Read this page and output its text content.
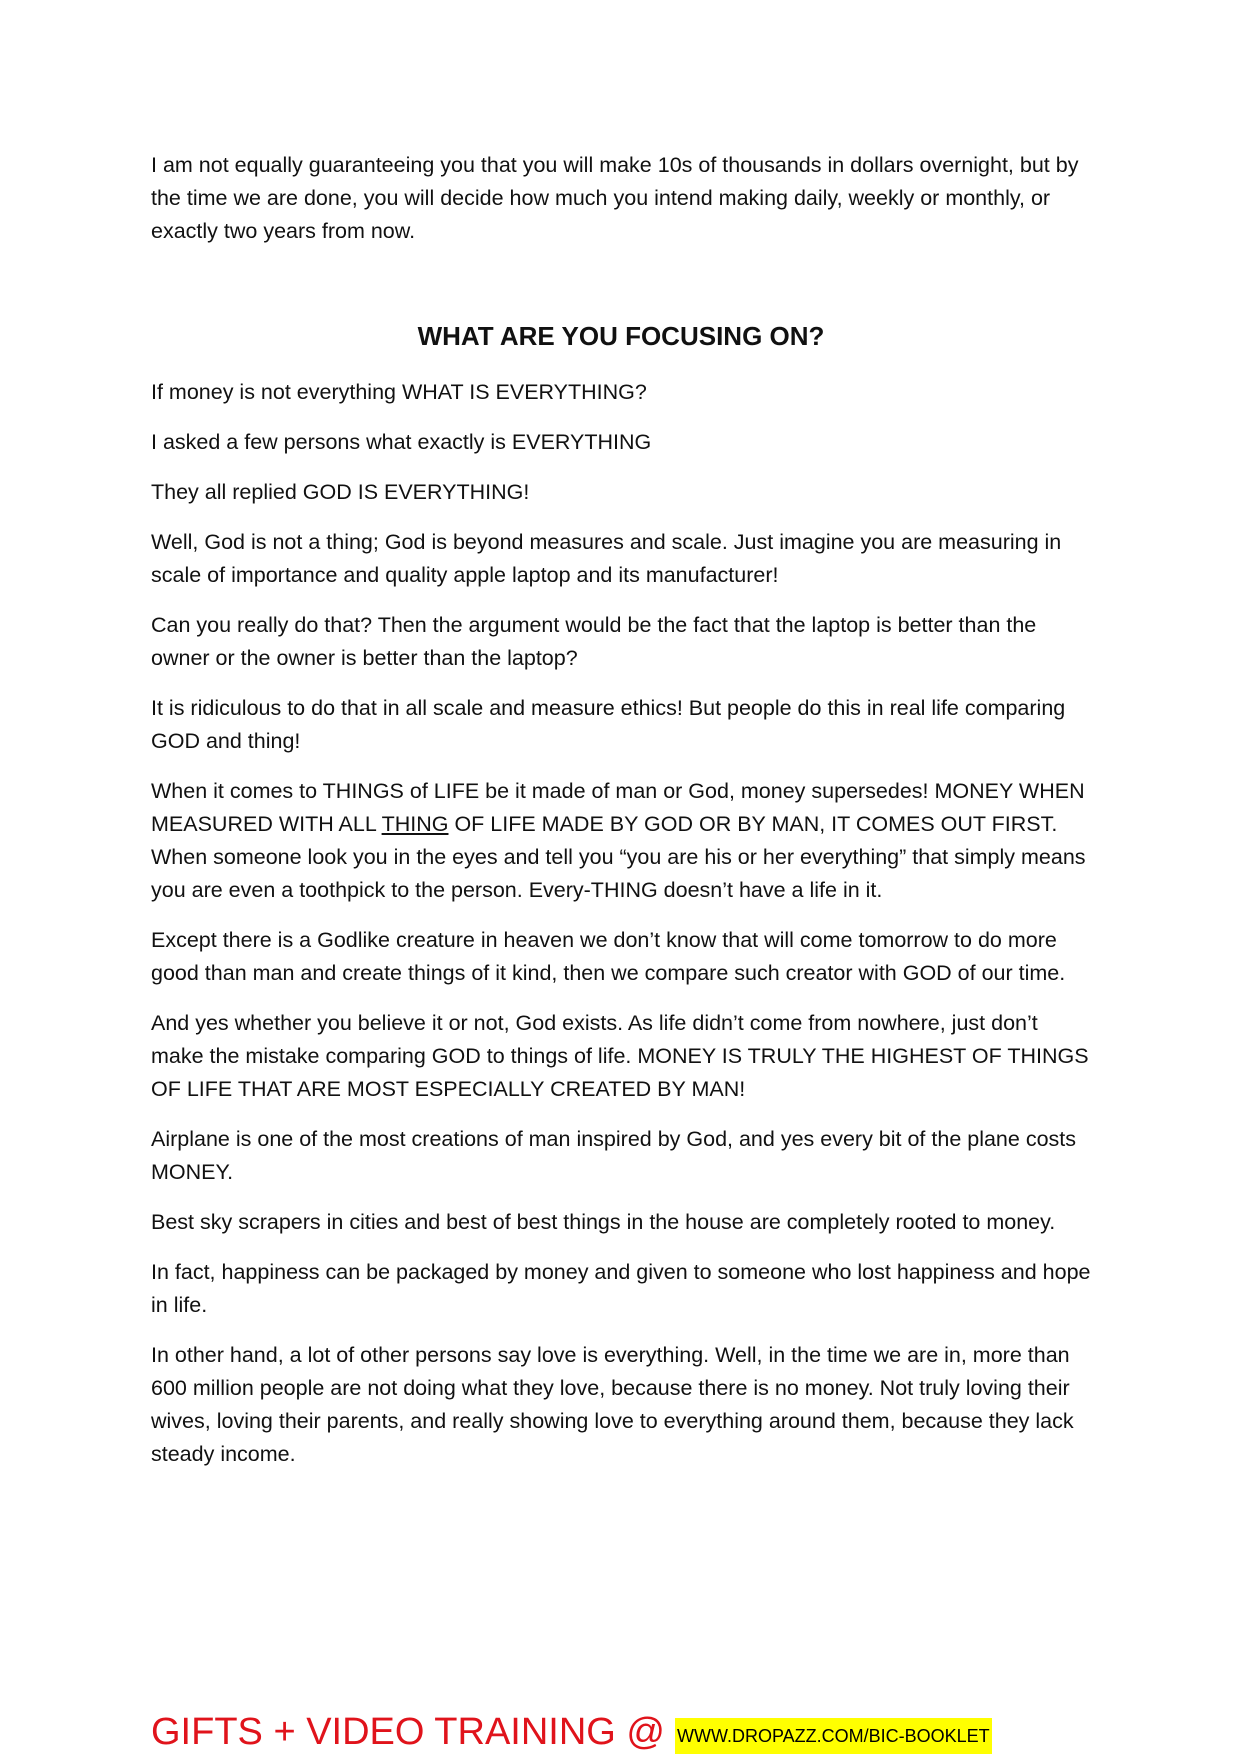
I am not equally guaranteeing you that you will make 10s of thousands in dollars overnight, but by the time we are done, you will decide how much you intend making daily, weekly or monthly, or exactly two years from now.

WHAT ARE YOU FOCUSING ON?

If money is not everything WHAT IS EVERYTHING?

I asked a few persons what exactly is EVERYTHING

They all replied GOD IS EVERYTHING!

Well, God is not a thing; God is beyond measures and scale. Just imagine you are measuring in scale of importance and quality apple laptop and its manufacturer!

Can you really do that? Then the argument would be the fact that the laptop is better than the owner or the owner is better than the laptop?

It is ridiculous to do that in all scale and measure ethics! But people do this in real life comparing GOD and thing!

When it comes to THINGS of LIFE be it made of man or God, money supersedes! MONEY WHEN MEASURED WITH ALL THING OF LIFE MADE BY GOD OR BY MAN, IT COMES OUT FIRST. When someone look you in the eyes and tell you “you are his or her everything” that simply means you are even a toothpick to the person. Every-THING doesn’t have a life in it.

Except there is a Godlike creature in heaven we don’t know that will come tomorrow to do more good than man and create things of it kind, then we compare such creator with GOD of our time.

And yes whether you believe it or not, God exists. As life didn’t come from nowhere, just don’t make the mistake comparing GOD to things of life. MONEY IS TRULY THE HIGHEST OF THINGS OF LIFE THAT ARE MOST ESPECIALLY CREATED BY MAN!

Airplane is one of the most creations of man inspired by God, and yes every bit of the plane costs MONEY.

Best sky scrapers in cities and best of best things in the house are completely rooted to money.

In fact, happiness can be packaged by money and given to someone who lost happiness and hope in life.

In other hand, a lot of other persons say love is everything. Well, in the time we are in, more than 600 million people are not doing what they love, because there is no money. Not truly loving their wives, loving their parents, and really showing love to everything around them, because they lack steady income.

GIFTS + VIDEO TRAINING @ WWW.DROPAZZ.COM/BIC-BOOKLET
